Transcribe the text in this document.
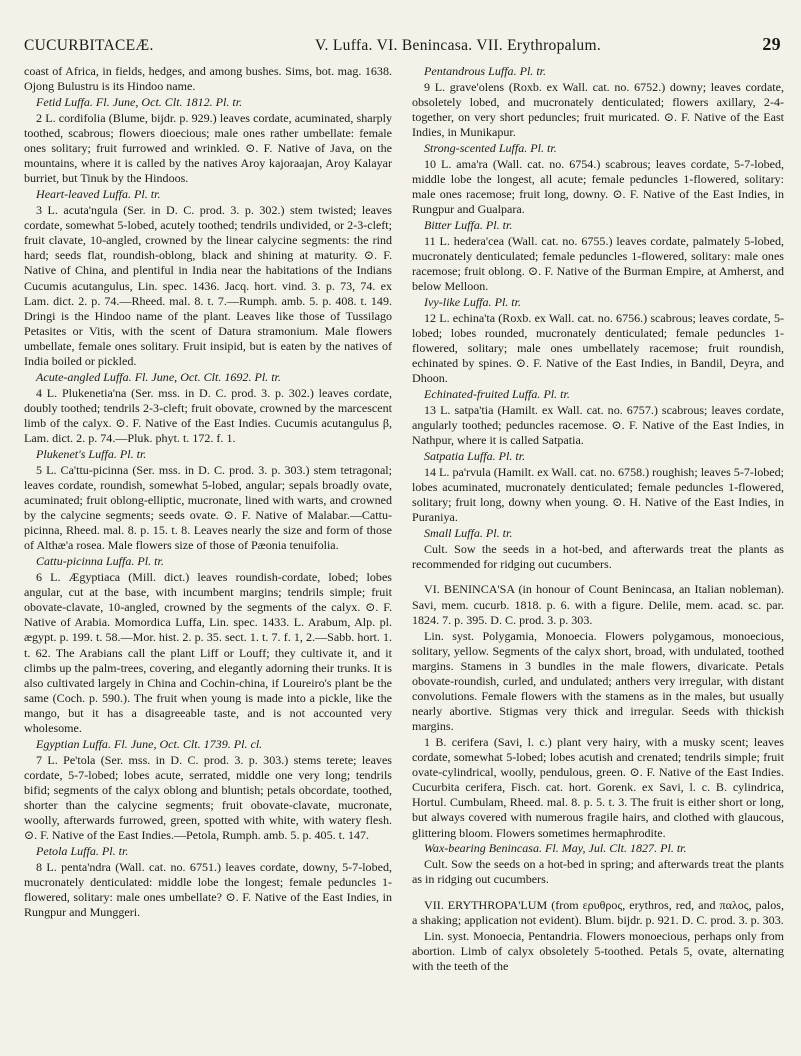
CUCURBITACEÆ.	V. Luffa. VI. Benincasa. VII. Erythropalum.	29

coast of Africa, in fields, hedges, and among bushes. Sims, bot. mag. 1638. Ojong Bulustru is its Hindoo name.

Fetid Luffa. Fl. June, Oct. Clt. 1812. Pl. tr.

2 L. cordifolia (Blume, bijdr. p. 929.) leaves cordate, acuminated, sharply toothed, scabrous; flowers dioecious; male ones rather umbellate: female ones solitary; fruit furrowed and wrinkled. ⊙. F. Native of Java, on the mountains, where it is called by the natives Aroy kajoraajan, Aroy Kalayar burriet, but Tinuk by the Hindoos.

Heart-leaved Luffa. Pl. tr.

3 L. acuta'ngula (Ser. in D. C. prod. 3. p. 302.) stem twisted; leaves cordate, somewhat 5-lobed, acutely toothed; tendrils undivided, or 2-3-cleft; fruit clavate, 10-angled, crowned by the linear calycine segments: the rind hard; seeds flat, roundish-oblong, black and shining at maturity. ⊙. F. Native of China, and plentiful in India near the habitations of the Indians Cucumis acutangulus, Lin. spec. 1436. Jacq. hort. vind. 3. p. 73, 74. ex Lam. dict. 2. p. 74.—Rheed. mal. 8. t. 7.—Rumph. amb. 5. p. 408. t. 149. Dringi is the Hindoo name of the plant. Leaves like those of Tussilago Petasites or Vitis, with the scent of Datura stramonium. Male flowers umbellate, female ones solitary. Fruit insipid, but is eaten by the natives of India boiled or pickled.

Acute-angled Luffa. Fl. June, Oct. Clt. 1692. Pl. tr.

4 L. Plukenetia'na (Ser. mss. in D. C. prod. 3. p. 302.) leaves cordate, doubly toothed; tendrils 2-3-cleft; fruit obovate, crowned by the marcescent limb of the calyx. ⊙. F. Native of the East Indies. Cucumis acutangulus β, Lam. dict. 2. p. 74.—Pluk. phyt. t. 172. f. 1.

Plukenet's Luffa. Pl. tr.

5 L. Ca'ttu-picinna (Ser. mss. in D. C. prod. 3. p. 303.) stem tetragonal; leaves cordate, roundish, somewhat 5-lobed, angular; sepals broadly ovate, acuminated; fruit oblong-elliptic, mucronate, lined with warts, and crowned by the calycine segments; seeds ovate. ⊙. F. Native of Malabar.—Cattu-picinna, Rheed. mal. 8. p. 15. t. 8. Leaves nearly the size and form of those of Althæ'a rosea. Male flowers size of those of Pæonia tenuifolia.

Cattu-picinna Luffa. Pl. tr.

6 L. Ægyptiaca (Mill. dict.) leaves roundish-cordate, lobed; lobes angular, cut at the base, with incumbent margins; tendrils simple; fruit obovate-clavate, 10-angled, crowned by the segments of the calyx. ⊙. F. Native of Arabia. Momordica Luffa, Lin. spec. 1433. L. Arabum, Alp. pl. ægypt. p. 199. t. 58.—Mor. hist. 2. p. 35. sect. 1. t. 7. f. 1, 2.—Sabb. hort. 1. t. 62. The Arabians call the plant Liff or Louff; they cultivate it, and it climbs up the palm-trees, covering, and elegantly adorning their trunks. It is also cultivated largely in China and Cochin-china, if Loureiro's plant be the same (Coch. p. 590.). The fruit when young is made into a pickle, like the mango, but it has a disagreeable taste, and is not accounted very wholesome.

Egyptian Luffa. Fl. June, Oct. Clt. 1739. Pl. cl.

7 L. Pe'tola (Ser. mss. in D. C. prod. 3. p. 303.) stems terete; leaves cordate, 5-7-lobed; lobes acute, serrated, middle one very long; tendrils bifid; segments of the calyx oblong and bluntish; petals obcordate, toothed, shorter than the calycine segments; fruit obovate-clavate, mucronate, woolly, afterwards furrowed, green, spotted with white, with watery flesh. ⊙. F. Native of the East Indies.—Petola, Rumph. amb. 5. p. 405. t. 147.

Petola Luffa. Pl. tr.

8 L. penta'ndra (Wall. cat. no. 6751.) leaves cordate, downy, 5-7-lobed, mucronately denticulated: middle lobe the longest; female peduncles 1-flowered, solitary: male ones umbellate? ⊙. F. Native of the East Indies, in Rungpur and Munggeri.

Pentandrous Luffa. Pl. tr.

9 L. grave'olens (Roxb. ex Wall. cat. no. 6752.) downy; leaves cordate, obsoletely lobed, and mucronately denticulated; flowers axillary, 2-4-together, on very short peduncles; fruit muricated. ⊙. F. Native of the East Indies, in Munikapur.

Strong-scented Luffa. Pl. tr.

10 L. ama'ra (Wall. cat. no. 6754.) scabrous; leaves cordate, 5-7-lobed, middle lobe the longest, all acute; female peduncles 1-flowered, solitary: male ones racemose; fruit long, downy. ⊙. F. Native of the East Indies, in Rungpur and Gualpara.

Bitter Luffa. Pl. tr.

11 L. hedera'cea (Wall. cat. no. 6755.) leaves cordate, palmately 5-lobed, mucronately denticulated; female peduncles 1-flowered, solitary: male ones racemose; fruit oblong. ⊙. F. Native of the Burman Empire, at Amherst, and below Melloon.

Ivy-like Luffa. Pl. tr.

12 L. echina'ta (Roxb. ex Wall. cat. no. 6756.) scabrous; leaves cordate, 5-lobed; lobes rounded, mucronately denticulated; female peduncles 1-flowered, solitary; male ones umbellately racemose; fruit roundish, echinated by spines. ⊙. F. Native of the East Indies, in Bandil, Deyra, and Dhoon.

Echinated-fruited Luffa. Pl. tr.

13 L. satpa'tia (Hamilt. ex Wall. cat. no. 6757.) scabrous; leaves cordate, angularly toothed; peduncles racemose. ⊙. F. Native of the East Indies, in Nathpur, where it is called Satpatia.

Satpatia Luffa. Pl. tr.

14 L. pa'rvula (Hamilt. ex Wall. cat. no. 6758.) roughish; leaves 5-7-lobed; lobes acuminated, mucronately denticulated; female peduncles 1-flowered, solitary; fruit long, downy when young. ⊙. H. Native of the East Indies, in Puraniya.

Small Luffa. Pl. tr.

Cult. Sow the seeds in a hot-bed, and afterwards treat the plants as recommended for ridging out cucumbers.

VI. BENINCA'SA (in honour of Count Benincasa, an Italian nobleman). Savi, mem. cucurb. 1818. p. 6. with a figure. Delile, mem. acad. sc. par. 1824. 7. p. 395. D. C. prod. 3. p. 303.

Lin. syst. Polygamia, Monoecia. Flowers polygamous, monoecious, solitary, yellow. Segments of the calyx short, broad, with undulated, toothed margins. Stamens in 3 bundles in the male flowers, divaricate. Petals obovate-roundish, curled, and undulated; anthers very irregular, with distant convolutions. Female flowers with the stamens as in the males, but usually nearly abortive. Stigmas very thick and irregular. Seeds with thickish margins.

1 B. cerifera (Savi, l. c.) plant very hairy, with a musky scent; leaves cordate, somewhat 5-lobed; lobes acutish and crenated; tendrils simple; fruit ovate-cylindrical, woolly, pendulous, green. ⊙. F. Native of the East Indies. Cucurbita cerifera, Fisch. cat. hort. Gorenk. ex Savi, l. c. B. cylindrica, Hortul. Cumbulam, Rheed. mal. 8. p. 5. t. 3. The fruit is either short or long, but always covered with numerous fragile hairs, and clothed with glaucous, glittering bloom. Flowers sometimes hermaphrodite.

Wax-bearing Benincasa. Fl. May, Jul. Clt. 1827. Pl. tr.

Cult. Sow the seeds on a hot-bed in spring; and afterwards treat the plants as in ridging out cucumbers.

VII. ERYTHROPA'LUM (from ερυθρος, erythros, red, and παλος, palos, a shaking; application not evident). Blum. bijdr. p. 921. D. C. prod. 3. p. 303.

Lin. syst. Monoecia, Pentandria. Flowers monoecious, perhaps only from abortion. Limb of calyx obsoletely 5-toothed. Petals 5, ovate, alternating with the teeth of the
